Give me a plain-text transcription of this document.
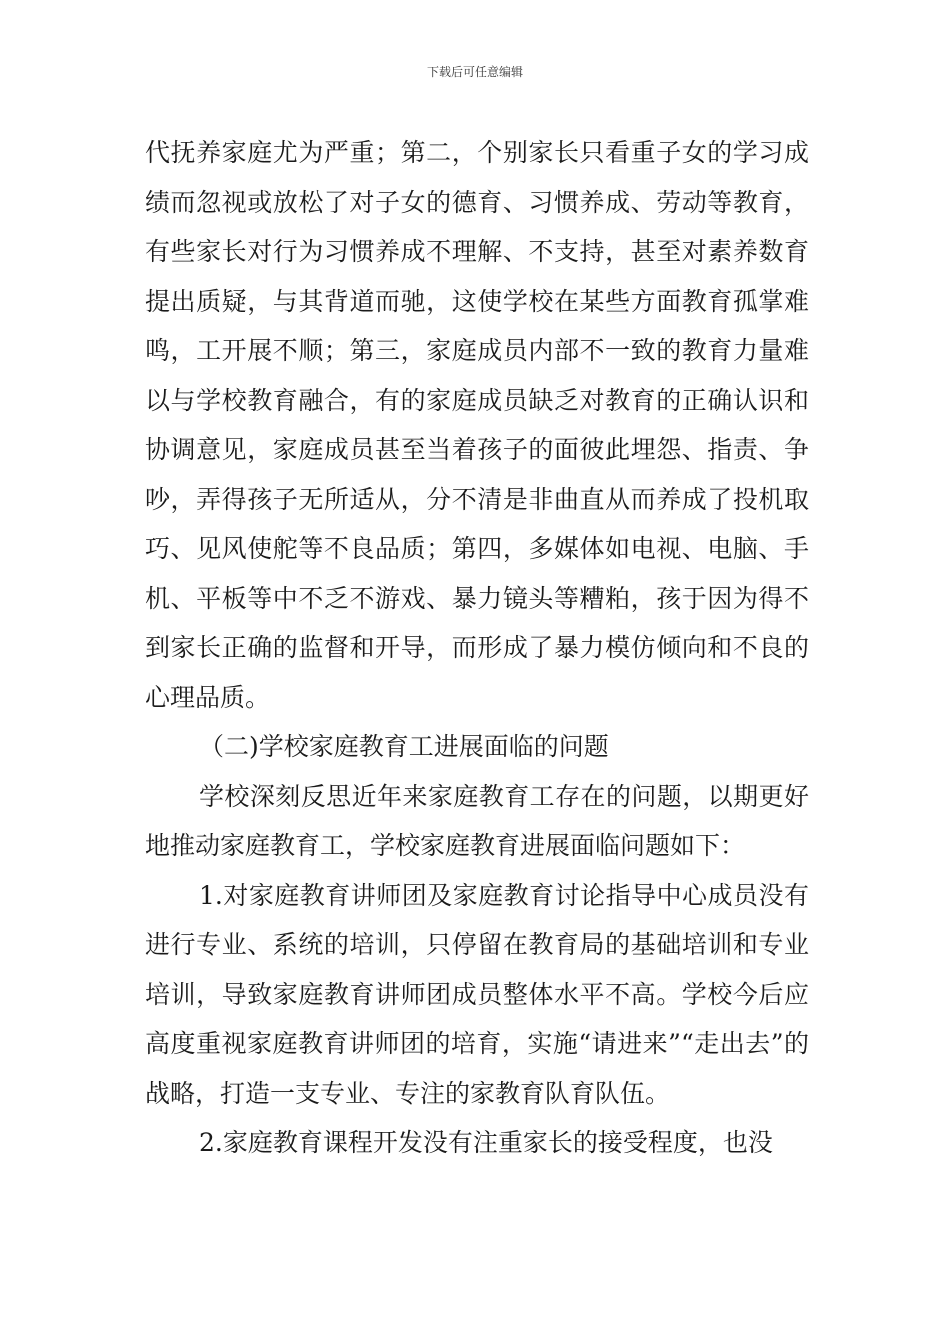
下载后可任意编辑

代抚养家庭尤为严重；第二，个别家长只看重子女的学习成绩而忽视或放松了对子女的德育、习惯养成、劳动等教育，有些家长对行为习惯养成不理解、不支持，甚至对素养数育提出质疑，与其背道而驰，这使学校在某些方面教育孤掌难鸣，工开展不顺；第三，家庭成员内部不一致的教育力量难以与学校教育融合，有的家庭成员缺乏对教育的正确认识和协调意见，家庭成员甚至当着孩子的面彼此埋怨、指责、争吵，弄得孩子无所适从，分不清是非曲直从而养成了投机取巧、见风使舵等不良品质；第四，多媒体如电视、电脑、手机、平板等中不乏不游戏、暴力镜头等糟粕，孩于因为得不到家长正确的监督和开导，而形成了暴力模仿倾向和不良的心理品质。

（二)学校家庭教育工进展面临的问题

学校深刻反思近年来家庭教育工存在的问题，以期更好地推动家庭教育工，学校家庭教育进展面临问题如下：

1.对家庭教育讲师团及家庭教育讨论指导中心成员没有进行专业、系统的培训，只停留在教育局的基础培训和专业培训，导致家庭教育讲师团成员整体水平不高。学校今后应高度重视家庭教育讲师团的培育，实施“请进来”“走出去”的战略，打造一支专业、专注的家教育队育队伍。

2.家庭教育课程开发没有注重家长的接受程度，也没
